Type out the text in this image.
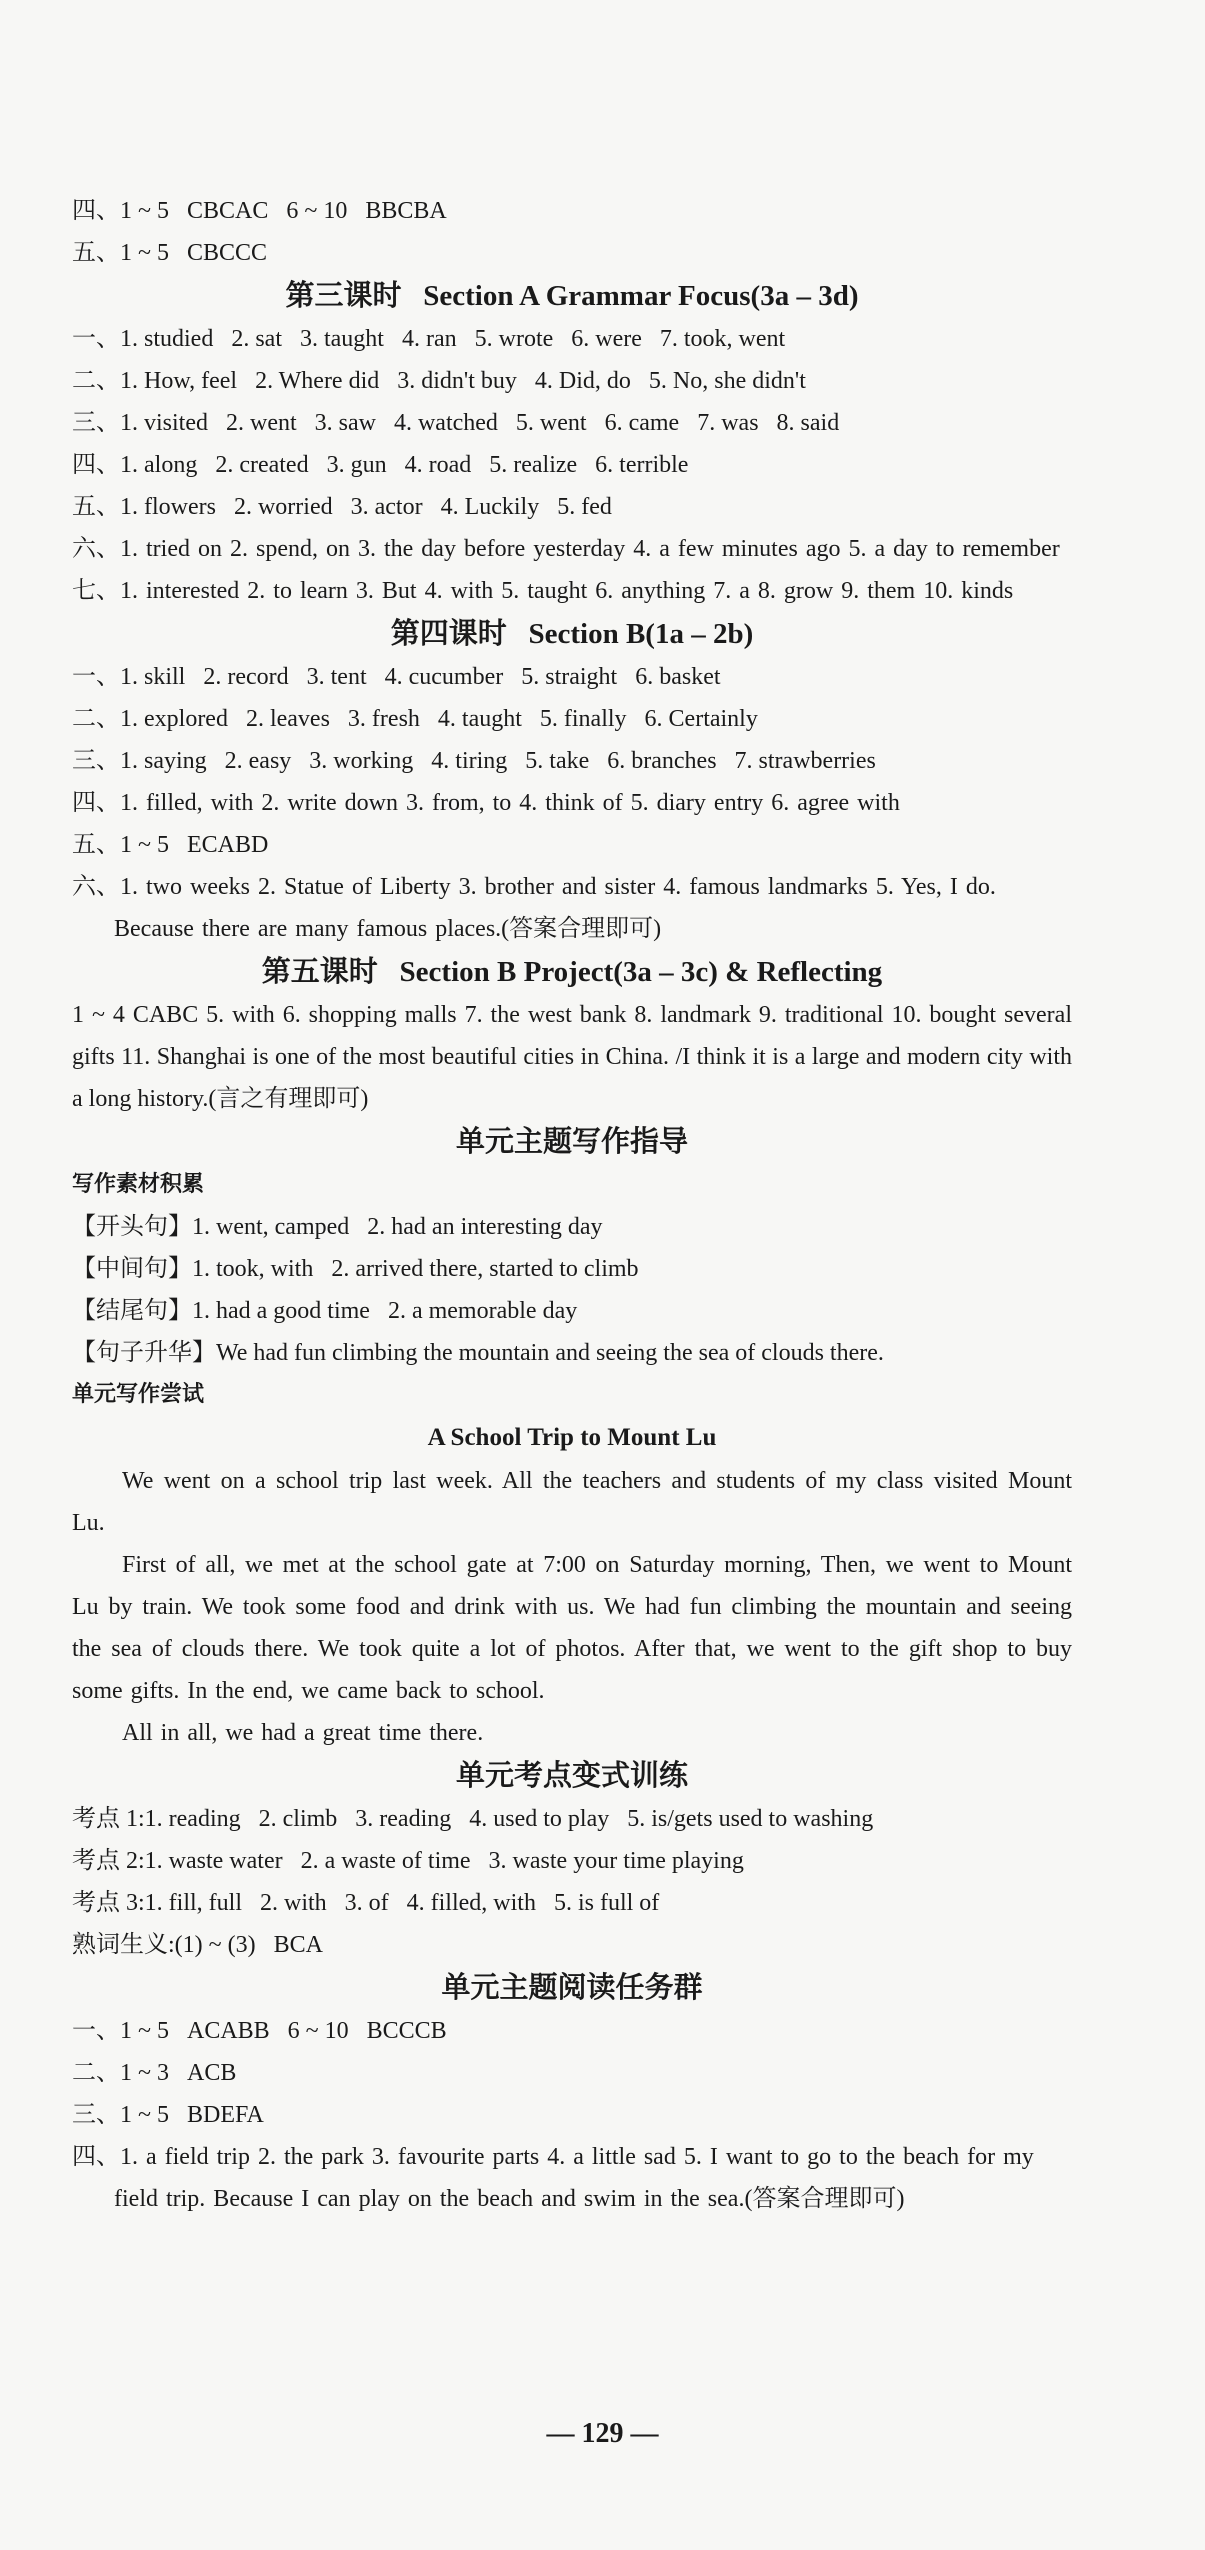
四、1 ~ 5   CBCAC   6 ~ 10   BBCBA
五、1 ~ 5   CBCCC
第三课时   Section A Grammar Focus(3a – 3d)
一、1. studied   2. sat   3. taught   4. ran   5. wrote   6. were   7. took, went
二、1. How, feel   2. Where did   3. didn't buy   4. Did, do   5. No, she didn't
三、1. visited   2. went   3. saw   4. watched   5. went   6. came   7. was   8. said
四、1. along   2. created   3. gun   4. road   5. realize   6. terrible
五、1. flowers   2. worried   3. actor   4. Luckily   5. fed
六、1. tried on 2. spend, on 3. the day before yesterday 4. a few minutes ago 5. a day to remember
七、1. interested 2. to learn 3. But 4. with 5. taught 6. anything 7. a 8. grow 9. them 10. kinds
第四课时   Section B(1a – 2b)
一、1. skill   2. record   3. tent   4. cucumber   5. straight   6. basket
二、1. explored   2. leaves   3. fresh   4. taught   5. finally   6. Certainly
三、1. saying   2. easy   3. working   4. tiring   5. take   6. branches   7. strawberries
四、1. filled, with 2. write down 3. from, to 4. think of 5. diary entry 6. agree with
五、1 ~ 5   ECABD
六、1. two weeks 2. Statue of Liberty 3. brother and sister 4. famous landmarks 5. Yes, I do. Because there are many famous places.(答案合理即可)
第五课时   Section B Project(3a – 3c) & Reflecting
1 ~ 4 CABC 5. with 6. shopping malls 7. the west bank 8. landmark 9. traditional 10. bought several gifts 11. Shanghai is one of the most beautiful cities in China. /I think it is a large and modern city with a long history.(言之有理即可)
单元主题写作指导
写作素材积累
【开头句】1. went, camped   2. had an interesting day
【中间句】1. took, with   2. arrived there, started to climb
【结尾句】1. had a good time   2. a memorable day
【句子升华】We had fun climbing the mountain and seeing the sea of clouds there.
单元写作尝试
A School Trip to Mount Lu
We went on a school trip last week. All the teachers and students of my class visited Mount Lu.
First of all, we met at the school gate at 7:00 on Saturday morning, Then, we went to Mount Lu by train. We took some food and drink with us. We had fun climbing the mountain and seeing the sea of clouds there. We took quite a lot of photos. After that, we went to the gift shop to buy some gifts. In the end, we came back to school.
All in all, we had a great time there.
单元考点变式训练
考点 1:1. reading   2. climb   3. reading   4. used to play   5. is/gets used to washing
考点 2:1. waste water   2. a waste of time   3. waste your time playing
考点 3:1. fill, full   2. with   3. of   4. filled, with   5. is full of
熟词生义:(1) ~ (3)   BCA
单元主题阅读任务群
一、1 ~ 5   ACABB   6 ~ 10   BCCCB
二、1 ~ 3   ACB
三、1 ~ 5   BDEFA
四、1. a field trip 2. the park 3. favourite parts 4. a little sad 5. I want to go to the beach for my field trip. Because I can play on the beach and swim in the sea.(答案合理即可)
— 129 —
